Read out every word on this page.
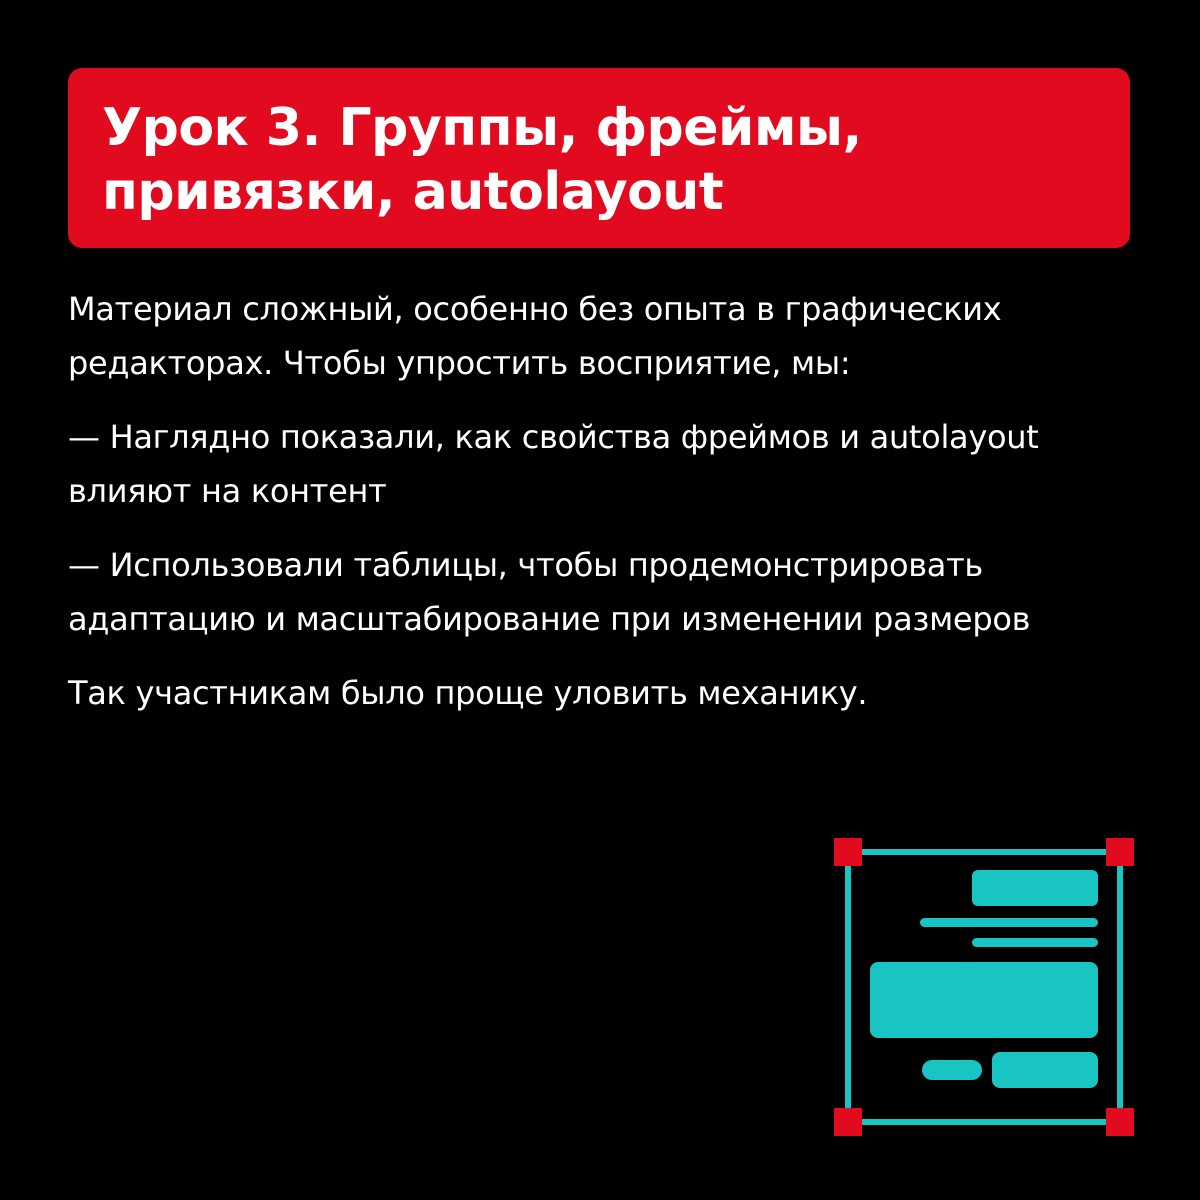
Урок 3. Группы, фреймы,
привязки, autolayout

Материал сложный, особенно без опыта в графических
редакторах. Чтобы упростить восприятие, мы:

— Наглядно показали, как свойства фреймов и autolayout
влияют на контент

— Использовали таблицы, чтобы продемонстрировать
адаптацию и масштабирование при изменении размеров

Так участникам было проще уловить механику.
